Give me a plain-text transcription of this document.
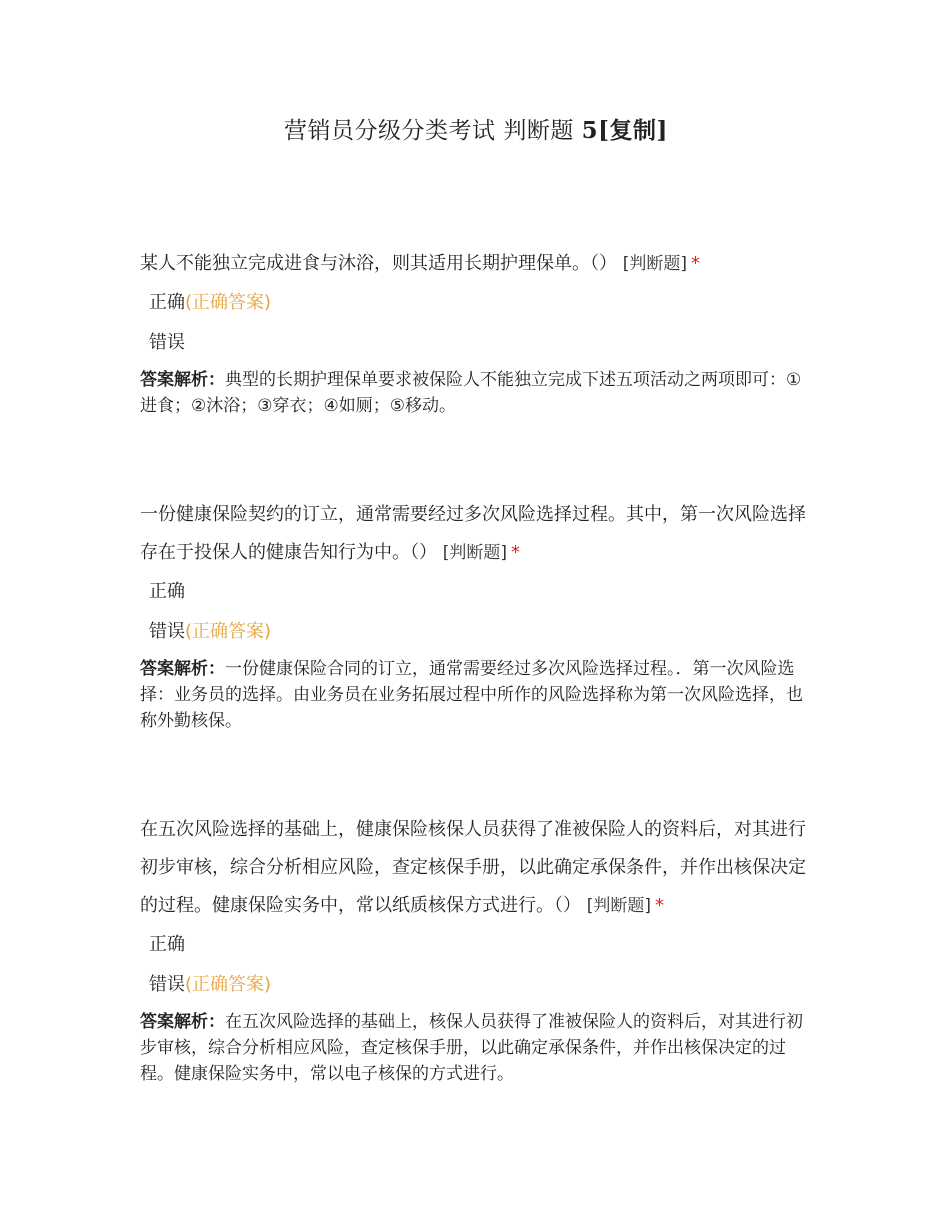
营销员分级分类考试 判断题 5[复制]
某人不能独立完成进食与沐浴，则其适用长期护理保单。（） [判断题] *
正确(正确答案)
错误
答案解析：典型的长期护理保单要求被保险人不能独立完成下述五项活动之两项即可：①进食；②沐浴；③穿衣；④如厕；⑤移动。
一份健康保险契约的订立，通常需要经过多次风险选择过程。其中，第一次风险选择存在于投保人的健康告知行为中。（） [判断题] *
正确
错误(正确答案)
答案解析：一份健康保险合同的订立，通常需要经过多次风险选择过程。．第一次风险选择：业务员的选择。由业务员在业务拓展过程中所作的风险选择称为第一次风险选择，也称外勤核保。
在五次风险选择的基础上，健康保险核保人员获得了准被保险人的资料后，对其进行初步审核，综合分析相应风险，查定核保手册，以此确定承保条件，并作出核保决定的过程。健康保险实务中，常以纸质核保方式进行。（） [判断题] *
正确
错误(正确答案)
答案解析：在五次风险选择的基础上，核保人员获得了准被保险人的资料后，对其进行初步审核，综合分析相应风险，查定核保手册，以此确定承保条件，并作出核保决定的过程。健康保险实务中，常以电子核保的方式进行。
